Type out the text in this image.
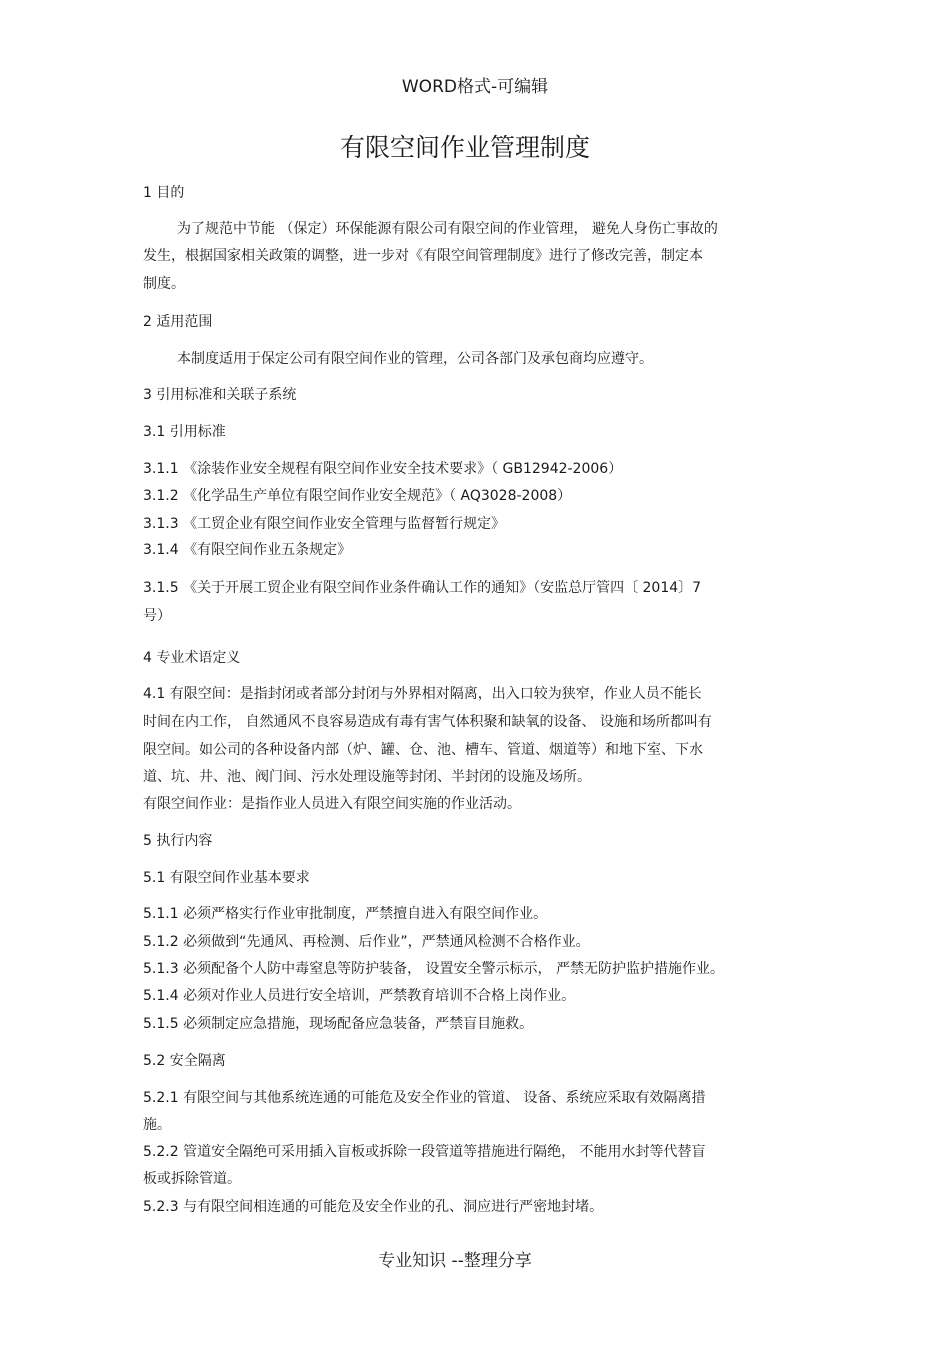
WORD格式-可编辑
有限空间作业管理制度
1 目的
为了规范中节能 （保定）环保能源有限公司有限空间的作业管理， 避免人身伤亡事故的
发生，根据国家相关政策的调整，进一步对《有限空间管理制度》进行了修改完善，制定本
制度。
2 适用范围
本制度适用于保定公司有限空间作业的管理，公司各部门及承包商均应遵守。
3 引用标准和关联子系统
3.1 引用标准
3.1.1 《涂装作业安全规程有限空间作业安全技术要求》（ GB12942-2006）
3.1.2 《化学品生产单位有限空间作业安全规范》（ AQ3028-2008）
3.1.3 《工贸企业有限空间作业安全管理与监督暂行规定》
3.1.4 《有限空间作业五条规定》
3.1.5 《关于开展工贸企业有限空间作业条件确认工作的通知》（安监总厅管四〔 2014〕7
号）
4 专业术语定义
4.1 有限空间：是指封闭或者部分封闭与外界相对隔离，出入口较为狭窄，作业人员不能长
时间在内工作， 自然通风不良容易造成有毒有害气体积聚和缺氧的设备、 设施和场所都叫有
限空间。如公司的各种设备内部（炉、罐、仓、池、槽车、管道、烟道等）和地下室、下水
道、坑、井、池、阀门间、污水处理设施等封闭、半封闭的设施及场所。
有限空间作业：是指作业人员进入有限空间实施的作业活动。
5 执行内容
5.1 有限空间作业基本要求
5.1.1 必须严格实行作业审批制度，严禁擅自进入有限空间作业。
5.1.2 必须做到“先通风、再检测、后作业”，严禁通风检测不合格作业。
5.1.3 必须配备个人防中毒窒息等防护装备， 设置安全警示标示， 严禁无防护监护措施作业。
5.1.4 必须对作业人员进行安全培训，严禁教育培训不合格上岗作业。
5.1.5 必须制定应急措施，现场配备应急装备，严禁盲目施救。
5.2 安全隔离
5.2.1 有限空间与其他系统连通的可能危及安全作业的管道、 设备、系统应采取有效隔离措
施。
5.2.2 管道安全隔绝可采用插入盲板或拆除一段管道等措施进行隔绝， 不能用水封等代替盲
板或拆除管道。
5.2.3 与有限空间相连通的可能危及安全作业的孔、洞应进行严密地封堵。
专业知识 --整理分享
